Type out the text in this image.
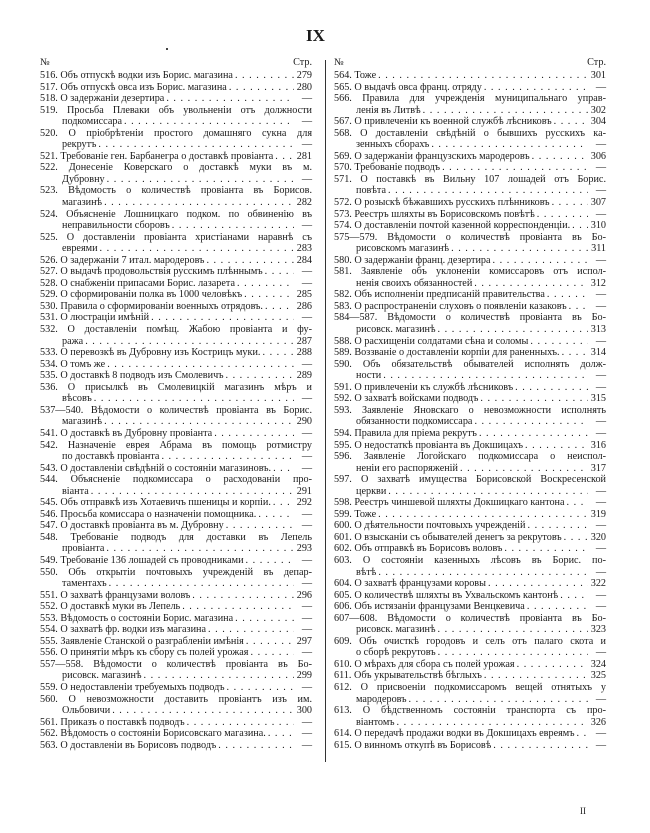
IX
№	Стр.
516. Объ отпускѣ водки изъ Борис. магазина . . .	279
517. Объ отпускѣ овса изъ Борис. магазина . . .	280
518. О задержаніи дезертира . . .	—
519. Просьба Плеваки объ увольненіи отъ должности
подкомиссара . . .	—
520. О пріобрѣтеніи простого домашняго сукна для
рекрутъ . . .	—
521. Требованіе ген. Барбанегра о доставкѣ провіанта . . . 281
522. Донесеніе Коверскаго о доставкѣ муки въ м.
Дубровну . . .	—
523. Вѣдомость о количествѣ провіанта въ Борисов.
магазинѣ . . .	282
524. Объясненіе Лошницкаго подком. по обвиненію въ
неправильности сборовъ . . .	—
525. О доставленіи провіанта христіанами наравнѣ съ
евреями . . .	283
526. О задержаніи 7 итал. мародеровъ . . .	284
527. О выдачѣ продовольствія русскимъ плѣннымъ . . .	—
528. О снабженіи припасами Борис. лазарета . . .	—
529. О сформированіи полка въ 1000 человѣкъ . . .	285
530. Правила о сформированіи военныхъ отрядовъ. . . .	286
531. О люстраціи имѣній . . .	—
532. О доставленіи помѣщ. Жабою провіанта и фу-
ража . . .	287
533. О перевозкѣ въ Дубровну изъ Кострицъ муки. . . .	288
534. О томъ же . . .	—
535. О доставкѣ 8 подводъ изъ Смолевичъ . . .	289
536. О присылкѣ въ Смолевицкій магазинъ мѣръ и
вѣсовъ . . .	—
537—540. Вѣдомости о количествѣ провіанта въ Борис.
магазинѣ . . .	290
541. О доставкѣ въ Дубровну провіанта . . .	—
542. Назначеніе еврея Абрама въ помощь ротмистру
по доставкѣ провіанта . . .	—
543. О доставленіи свѣдѣній о состояніи магазиновъ. . . .	—
544. Объясненіе подкомиссара о расходованіи про-
віанта . . .	291
545. Объ отправкѣ изъ Хотаевичъ пшеницы и корпіи. . . .	292
546. Просьба комиссара о назначеніи помощника. . . .	—
547. О доставкѣ провіанта въ м. Дубровну . . .	—
548. Требованіе подводъ для доставки въ Лепель
провіанта . . .	293
549. Требованіе 136 лошадей съ проводниками . . .	—
550. Объ открытіи почтовыхъ учрежденій въ депар-
таментахъ . . .	—
551. О захватѣ французами воловъ . . .	296
552. О доставкѣ муки въ Лепель . . .	—
553. Вѣдомость о состояніи Борис. магазина . . .	—
554. О захватѣ фр. водки изъ магазина . . .	—
555. Заявленіе Станской о разграбленіи имѣнія . . .	297
556. О принятіи мѣръ къ сбору съ полей урожая . . .	—
557—558. Вѣдомости о количествѣ провіанта въ Бо-
рисовск. магазинѣ . . .	299
559. О недоставленіи требуемыхъ подводъ . . .	—
560. О невозможности доставить провіантъ изъ им.
Ольбовичи . . .	300
561. Приказъ о поставкѣ подводъ . . .	—
562. Вѣдомость о состояніи Борисовскаго магазина. . . .	—
563. О доставленіи въ Борисовъ подводъ . . .	—
№	Стр.
564. Тоже . . .	301
565. О выдачѣ овса франц. отряду . . .	—
566. Правила для учрежденія муниципальнаго управ-
ленія въ Литвѣ . . .	302
567. О привлеченіи къ военной службѣ лѣсниковъ . . .	304
568. О доставленіи свѣдѣній о бывшихъ русскихъ ка-
зенныхъ сборахъ . . .	—
569. О задержаніи французскихъ мародеровъ . . .	306
570. Требованіе подводъ . . .	—
571. О поставкѣ въ Вильну 107 лошадей отъ Борис.
повѣта . . .	—
572. О розыскѣ бѣжавшихъ русскихъ плѣнниковъ . . .	307
573. Реестръ шляхты въ Борисовскомъ повѣтѣ . . .	—
574. О доставленіи почтой казенной корреспонденціи. . . . 310
575—579. Вѣдомости о количествѣ провіанта въ Бо-
рисовскомъ магазинѣ . . .	311
580. О задержаніи франц. дезертира . . .	—
581. Заявленіе объ уклоненіи комиссаровъ отъ испол-
ненія своихъ обязанностей . . .	312
582. Объ исполненіи предписаній правительства . . .	—
583. О распространеніи слуховъ о появленіи казаковъ . . .	—
584—587. Вѣдомости о количествѣ провіанта въ Бо-
рисовск. магазинѣ . . .	313
588. О расхищеніи солдатами сѣна и соломы . . .	—
589. Воззваніе о доставленіи корпіи для раненныхъ. . . .	314
590. Объ обязательствѣ обывателей исполнять долж-
ности . . .	—
591. О привлеченіи къ службѣ лѣсниковъ . . .	—
592. О захватѣ войсками подводъ . . .	315
593. Заявленіе Яновскаго о невозможности исполнять
обязанности подкомиссара . . .	—
594. Правила для пріема рекрутъ . . .	—
595. О недостаткѣ провіанта въ Докшицахъ . . .	316
596. Заявленіе Логойскаго подкомиссара о неиспол-
неніи его распоряженій . . .	317
597. О захватѣ имущества Борисовской Воскресенской
церкви . . .	—
598. Реестръ чиншевой шляхты Докшицкаго кантона . . .	—
599. Тоже . . .	319
600. О дѣятельности почтовыхъ учрежденій . . .	—
601. О взысканіи съ обывателей денегъ за рекрутовъ . . .	320
602. Объ отправкѣ въ Борисовъ воловъ . . .	—
603. О состояніи казенныхъ лѣсовъ въ Борис. по-
вѣтѣ . . .	—
604. О захватѣ французами коровы . . .	322
605. О количествѣ шляхты въ Ухвальскомъ кантонѣ . . .	—
606. Объ истязаніи французами Венцкевича . . .	—
607—608. Вѣдомости о количествѣ провіанта въ Бо-
рисовск. магазинѣ . . .	323
609. Объ очисткѣ городовъ и селъ отъ палаго скота и
о сборѣ рекрутовъ . . .	—
610. О мѣрахъ для сбора съ полей урожая . . .	324
611. Объ укрывательствѣ бѣглыхъ . . .	325
612. О присвоеніи подкомиссаромъ вещей отнятыхъ у
мародеровъ . . .	—
613. О бѣдственномъ состояніи транспорта съ про-
віантомъ . . .	326
614. О передачѣ продажи водки въ Докшицахъ евреямъ . . .	—
615. О винномъ откупѣ въ Борисовѣ . . .	—
II
